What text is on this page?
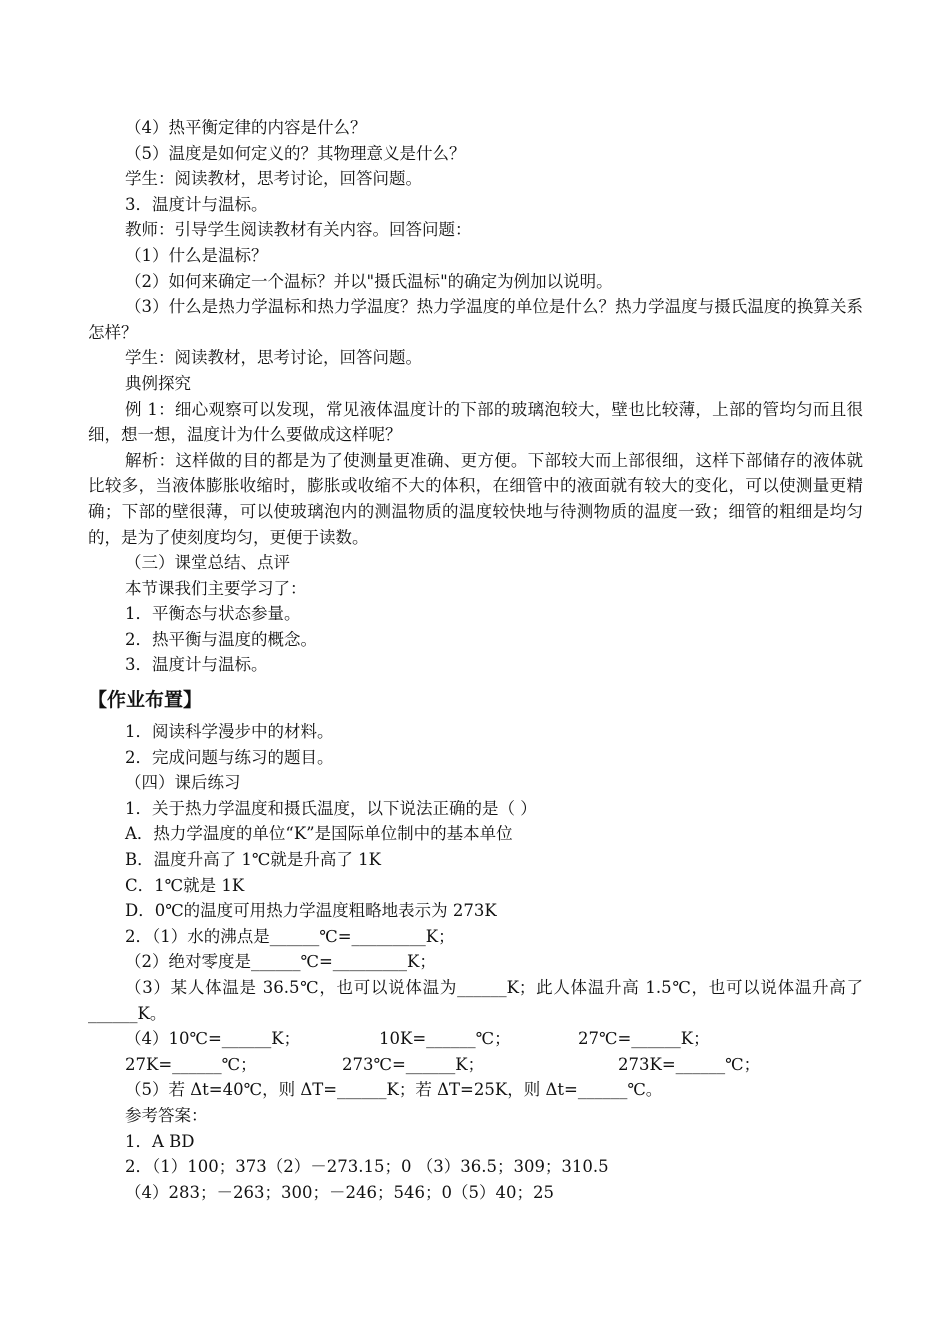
（4）热平衡定律的内容是什么？

（5）温度是如何定义的？其物理意义是什么？

学生：阅读教材，思考讨论，回答问题。

3．温度计与温标。

教师：引导学生阅读教材有关内容。回答问题：

（1）什么是温标？

（2）如何来确定一个温标？并以"摄氏温标"的确定为例加以说明。

（3）什么是热力学温标和热力学温度？热力学温度的单位是什么？热力学温度与摄氏温度的换算关系怎样？

学生：阅读教材，思考讨论，回答问题。

典例探究

例 1：细心观察可以发现，常见液体温度计的下部的玻璃泡较大，壁也比较薄，上部的管均匀而且很细，想一想，温度计为什么要做成这样呢？

解析：这样做的目的都是为了使测量更准确、更方便。下部较大而上部很细，这样下部储存的液体就比较多，当液体膨胀收缩时，膨胀或收缩不大的体积，在细管中的液面就有较大的变化，可以使测量更精确；下部的壁很薄，可以使玻璃泡内的测温物质的温度较快地与待测物质的温度一致；细管的粗细是均匀的，是为了使刻度均匀，更便于读数。

（三）课堂总结、点评

本节课我们主要学习了：

1．平衡态与状态参量。

2．热平衡与温度的概念。

3．温度计与温标。

【作业布置】

1．阅读科学漫步中的材料。

2．完成问题与练习的题目。

（四）课后练习

1．关于热力学温度和摄氏温度，以下说法正确的是（ ）

A．热力学温度的单位“K”是国际单位制中的基本单位

B．温度升高了 1℃就是升高了 1K

C．1℃就是 1K

D．0℃的温度可用热力学温度粗略地表示为 273K

2．（1）水的沸点是______℃=_________K；

（2）绝对零度是______℃=_________K；

（3）某人体温是 36.5℃，也可以说体温为______K；此人体温升高 1.5℃，也可以说体温升高了______K。

（4）10℃=______K；	10K=______℃；	27℃=______K；
27K=______℃；	273℃=______K；	273K=______℃；

（5）若 Δt=40℃，则 ΔT=______K；若 ΔT=25K，则 Δt=______℃。

参考答案：

1．A BD

2．（1）100；373（2）－273.15；0 （3）36.5；309；310.5

（4）283；－263；300；－246；546；0（5）40；25
